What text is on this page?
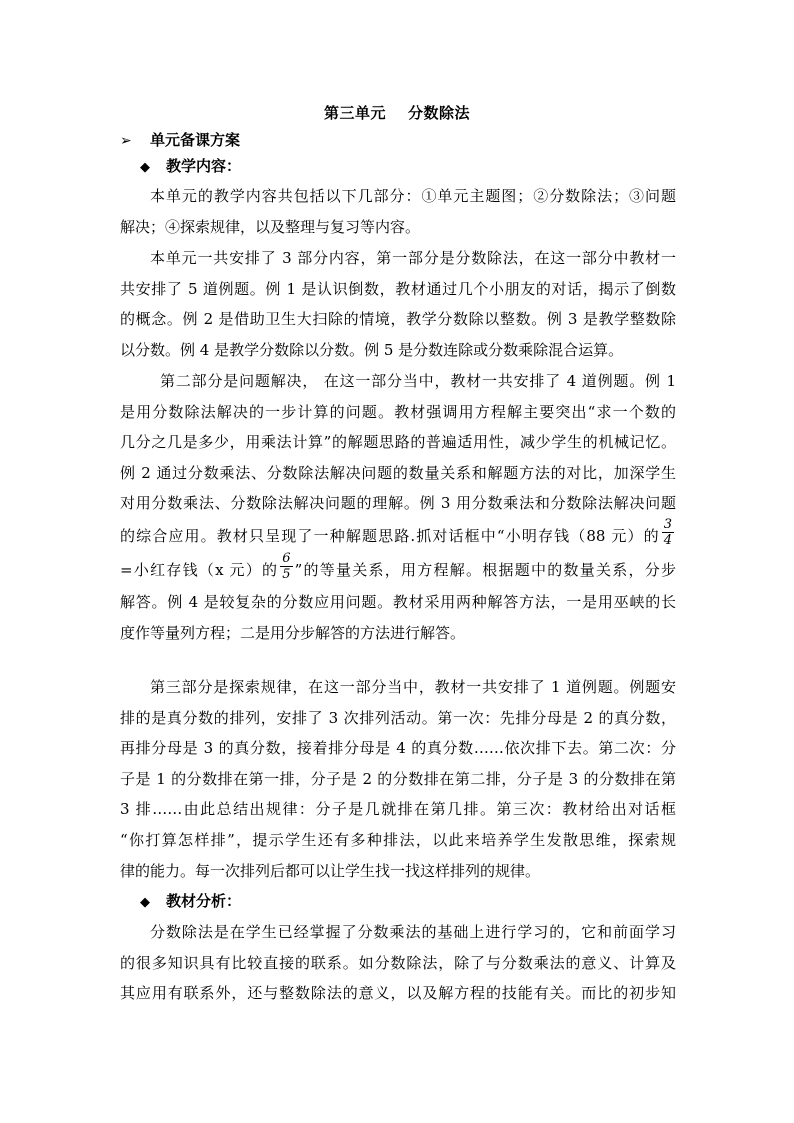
第三单元 分数除法
➢ 单元备课方案
◆ 教学内容：
本单元的教学内容共包括以下几部分：①单元主题图；②分数除法；③问题
解决；④探索规律，以及整理与复习等内容。
本单元一共安排了 3 部分内容，第一部分是分数除法，在这一部分中教材一
共安排了 5 道例题。例 1 是认识倒数，教材通过几个小朋友的对话，揭示了倒数
的概念。例 2 是借助卫生大扫除的情境，教学分数除以整数。例 3 是教学整数除
以分数。例 4 是教学分数除以分数。例 5 是分数连除或分数乘除混合运算。
第二部分是问题解决， 在这一部分当中，教材一共安排了 4 道例题。例 1
是用分数除法解决的一步计算的问题。教材强调用方程解主要突出“求一个数的
几分之几是多少，用乘法计算”的解题思路的普遍适用性，减少学生的机械记忆。
例 2 通过分数乘法、分数除法解决问题的数量关系和解题方法的对比，加深学生
对用分数乘法、分数除法解决问题的理解。例 3 用分数乘法和分数除法解决问题
的综合应用。教材只呈现了一种解题思路.抓对话框中“小明存钱（88 元）的 $\frac{3}{4}$
=小红存钱（x 元）的 $\frac{6}{5}$ ”的等量关系，用方程解。根据题中的数量关系，分步
解答。例 4 是较复杂的分数应用问题。教材采用两种解答方法，一是用巫峡的长
度作等量列方程；二是用分步解答的方法进行解答。
第三部分是探索规律，在这一部分当中，教材一共安排了 1 道例题。例题安
排的是真分数的排列，安排了 3 次排列活动。第一次：先排分母是 2 的真分数，
再排分母是 3 的真分数，接着排分母是 4 的真分数……依次排下去。第二次：分
子是 1 的分数排在第一排，分子是 2 的分数排在第二排，分子是 3 的分数排在第
3 排……由此总结出规律：分子是几就排在第几排。第三次：教材给出对话框
“你打算怎样排”，提示学生还有多种排法，以此来培养学生发散思维，探索规
律的能力。每一次排列后都可以让学生找一找这样排列的规律。
◆ 教材分析：
分数除法是在学生已经掌握了分数乘法的基础上进行学习的，它和前面学习
的很多知识具有比较直接的联系。如分数除法，除了与分数乘法的意义、计算及
其应用有联系外，还与整数除法的意义，以及解方程的技能有关。而比的初步知
